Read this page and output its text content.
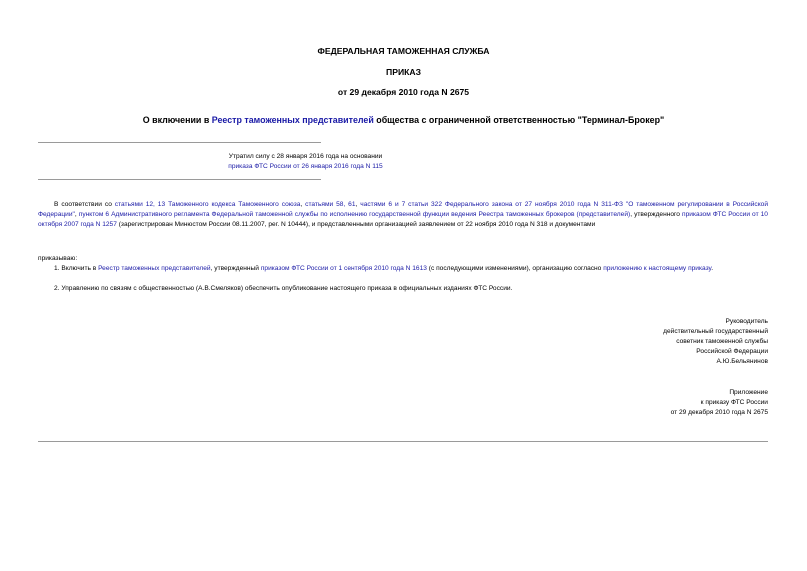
ФЕДЕРАЛЬНАЯ ТАМОЖЕННАЯ СЛУЖБА
ПРИКАЗ
от 29 декабря 2010 года N 2675
О включении в Реестр таможенных представителей общества с ограниченной ответственностью "Терминал-Брокер"
Утратил силу с 28 января 2016 года на основании
приказа ФТС России от 26 января 2016 года N 115
В соответствии со статьями 12, 13 Таможенного кодекса Таможенного союза, статьями 58, 61, частями 6 и 7 статьи 322 Федерального закона от 27 ноября 2010 года N 311-ФЗ "О таможенном регулировании в Российской Федерации", пунктом 6 Административного регламента Федеральной таможенной службы по исполнению государственной функции ведения Реестра таможенных брокеров (представителей), утвержденного приказом ФТС России от 10 октября 2007 года N 1257 (зарегистрирован Минюстом России 08.11.2007, рег. N 10444), и представленными организацией заявлением от 22 ноября 2010 года N 318 и документами
приказываю:
1. Включить в Реестр таможенных представителей, утвержденный приказом ФТС России от 1 сентября 2010 года N 1613 (с последующими изменениями), организацию согласно приложению к настоящему приказу.
2. Управлению по связям с общественностью (А.В.Смеляков) обеспечить опубликование настоящего приказа в официальных изданиях ФТС России.
Руководитель
действительный государственный
советник таможенной службы
Российской Федерации
А.Ю.Бельянинов
Приложение
к приказу ФТС России
от 29 декабря 2010 года N 2675
